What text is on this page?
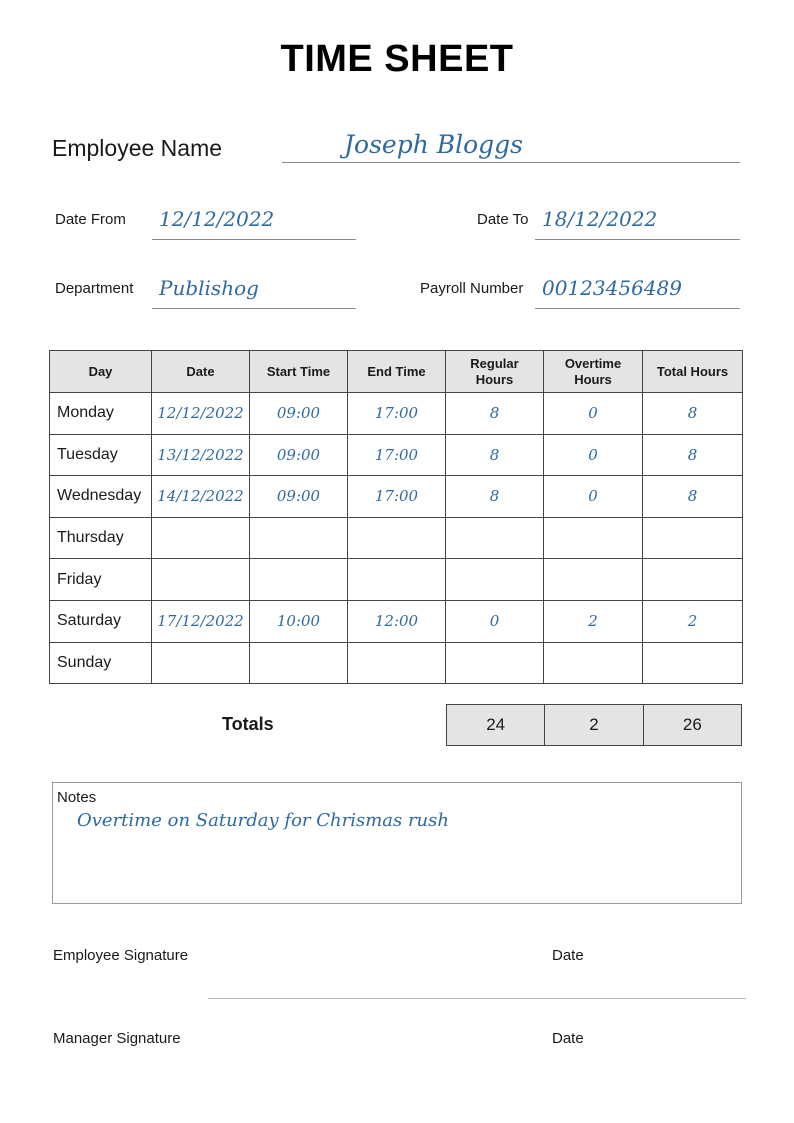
TIME SHEET
Employee Name	Joseph Bloggs
Date From 12/12/2022	Date To 18/12/2022
Department Publishog	Payroll Number 00123456489
Day	Date	Start Time	End Time	Regular Hours	Overtime Hours	Total Hours
Monday	12/12/2022	09:00	17:00	8	0	8
Tuesday	13/12/2022	09:00	17:00	8	0	8
Wednesday	14/12/2022	09:00	17:00	8	0	8
Thursday						
Friday						
Saturday	17/12/2022	10:00	12:00	0	2	2
Sunday						
Totals	24	2	26
Notes
Overtime on Saturday for Chrismas rush
Employee Signature	Date
Manager Signature	Date
